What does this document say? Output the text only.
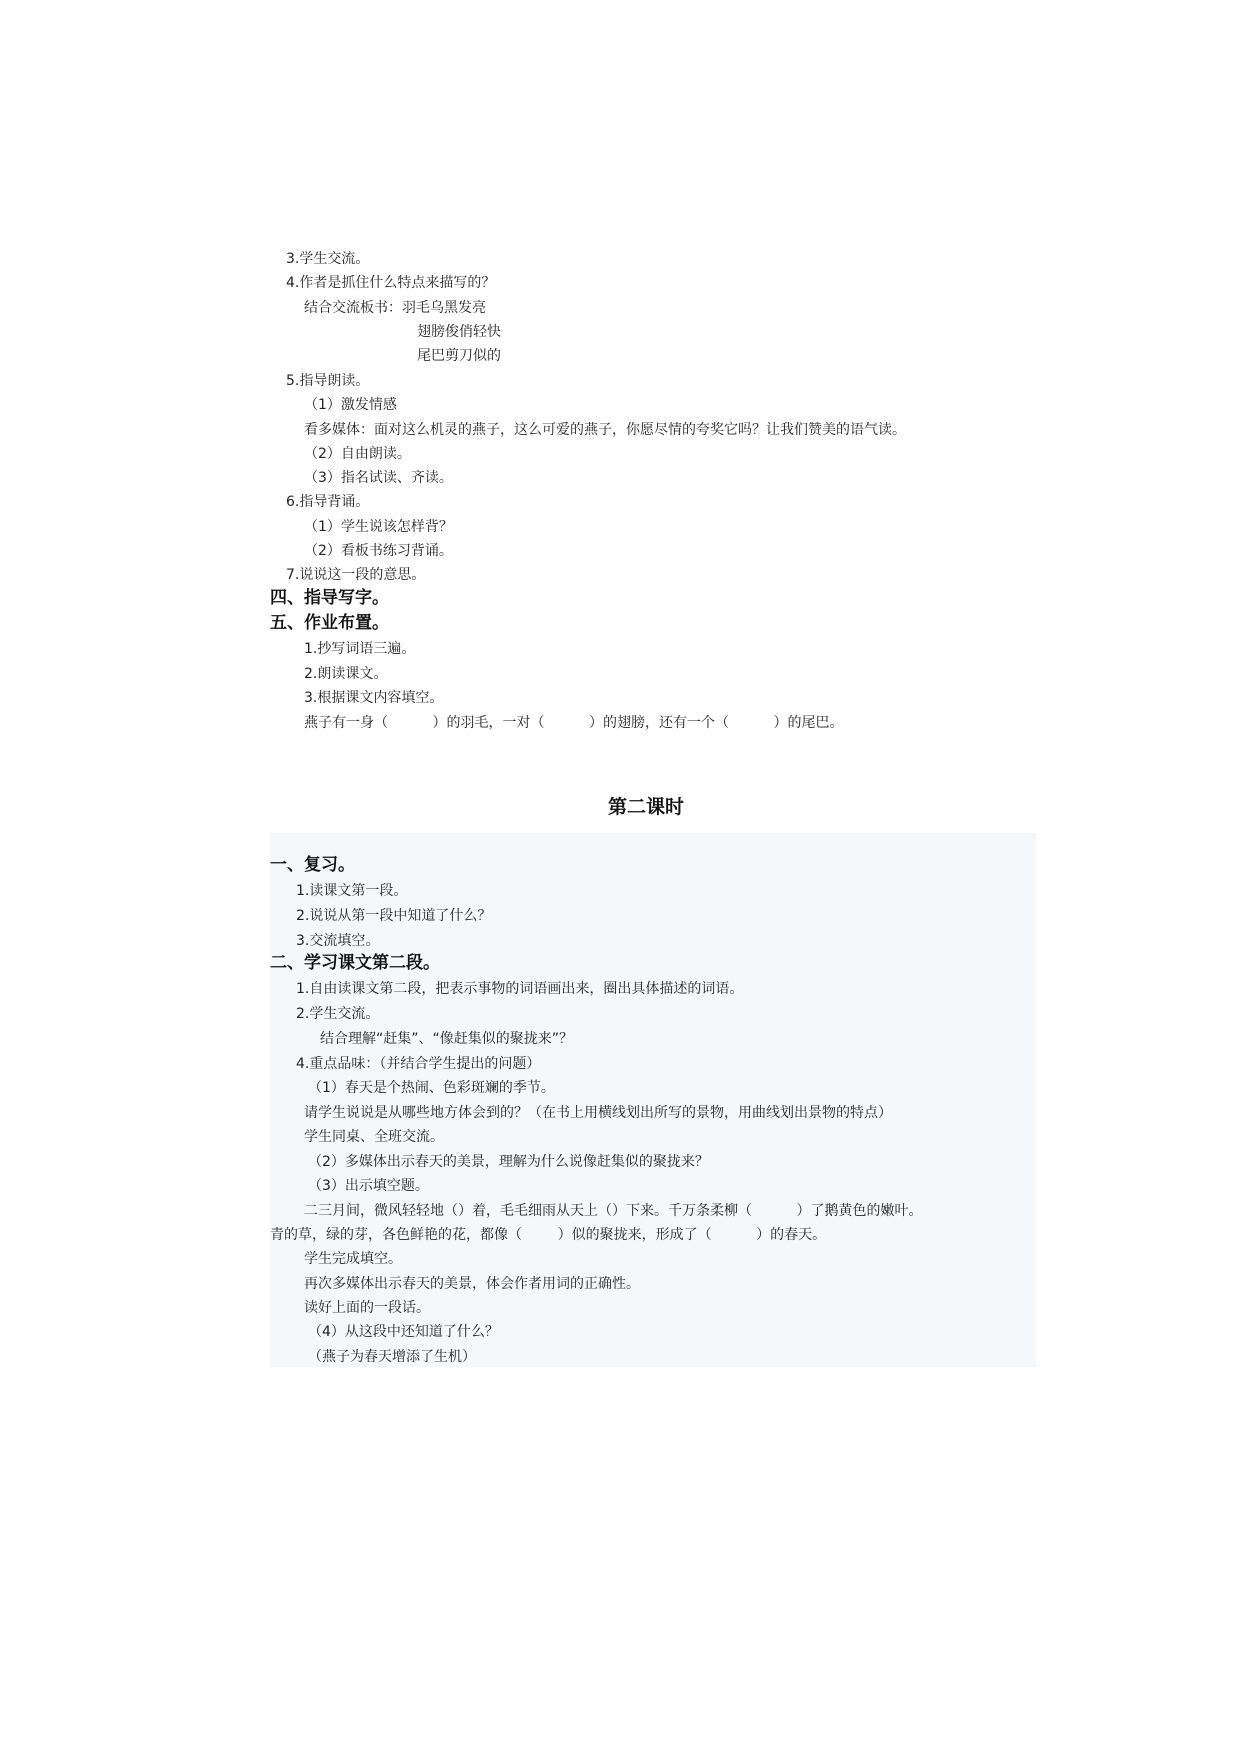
3.学生交流。
4.作者是抓住什么特点来描写的？
结合交流板书：羽毛乌黑发亮
翅膀俊俏轻快
尾巴剪刀似的
5.指导朗读。
（1）激发情感
看多媒体：面对这么机灵的燕子，这么可爱的燕子，你愿尽情的夸奖它吗？让我们赞美的语气读。
（2）自由朗读。
（3）指名试读、齐读。
6.指导背诵。
（1）学生说该怎样背？
（2）看板书练习背诵。
7.说说这一段的意思。
四、指导写字。
五、作业布置。
1.抄写词语三遍。
2.朗读课文。
3.根据课文内容填空。
燕子有一身（          ）的羽毛，一对（          ）的翅膀，还有一个（          ）的尾巴。
第二课时
一、复习。
1.读课文第一段。
2.说说从第一段中知道了什么？
3.交流填空。
二、学习课文第二段。
1.自由读课文第二段，把表示事物的词语画出来，圈出具体描述的词语。
2.学生交流。
结合理解“赶集”、“像赶集似的聚拢来”？
4.重点品味：（并结合学生提出的问题）
（1）春天是个热闹、色彩斑斓的季节。
请学生说说是从哪些地方体会到的？（在书上用横线划出所写的景物，用曲线划出景物的特点）
学生同桌、全班交流。
（2）多媒体出示春天的美景，理解为什么说像赶集似的聚拢来？
（3）出示填空题。
二三月间，微风轻轻地（）着，毛毛细雨从天上（）下来。千万条柔柳（          ）了鹅黄色的嫩叶。
青的草，绿的芽，各色鲜艳的花，都像（        ）似的聚拢来，形成了（          ）的春天。
学生完成填空。
再次多媒体出示春天的美景，体会作者用词的正确性。
读好上面的一段话。
（4）从这段中还知道了什么？
（燕子为春天增添了生机）
